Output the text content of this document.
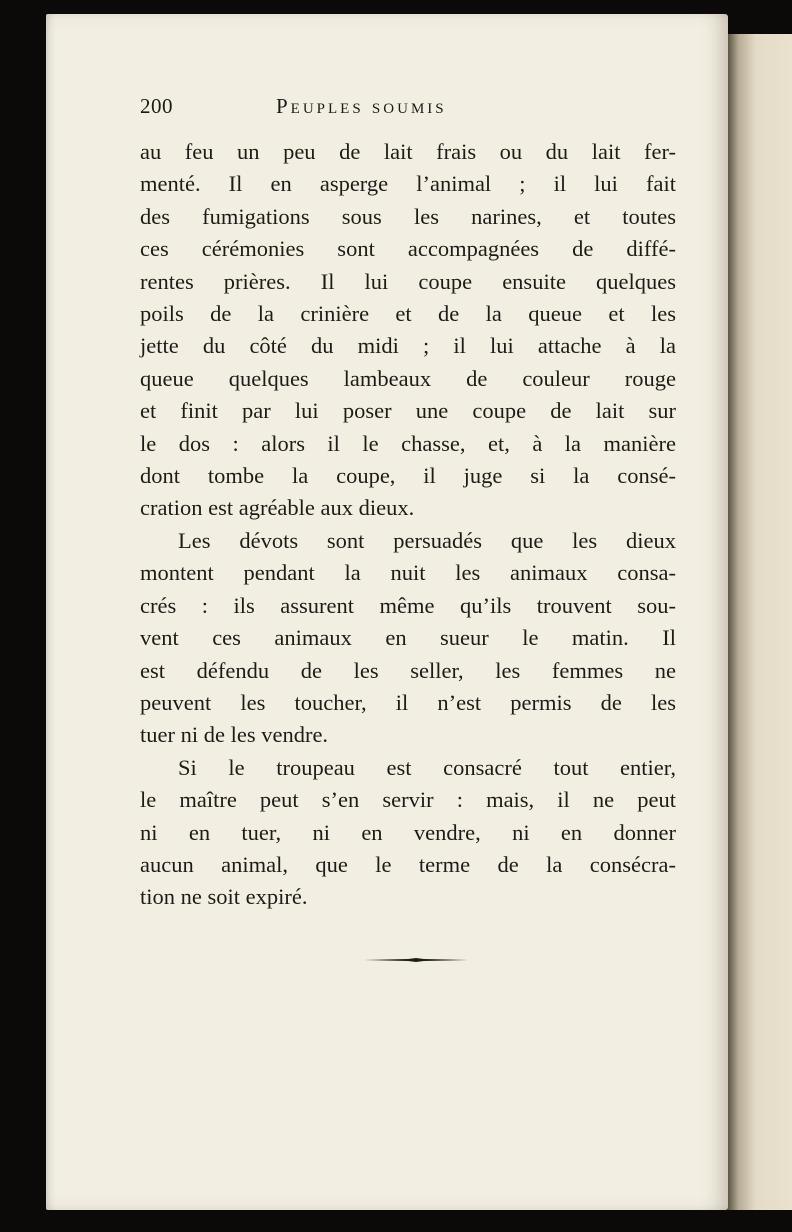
200	Peuples soumis

au feu un peu de lait frais ou du lait fer-
menté. Il en asperge l’animal ; il lui fait
des fumigations sous les narines, et toutes
ces cérémonies sont accompagnées de diffé-
rentes prières. Il lui coupe ensuite quelques
poils de la crinière et de la queue et les
jette du côté du midi ; il lui attache à la
queue quelques lambeaux de couleur rouge
et finit par lui poser une coupe de lait sur
le dos : alors il le chasse, et, à la manière
dont tombe la coupe, il juge si la consé-
cration est agréable aux dieux.

Les dévots sont persuadés que les dieux
montent pendant la nuit les animaux consa-
crés : ils assurent même qu’ils trouvent sou-
vent ces animaux en sueur le matin. Il
est défendu de les seller, les femmes ne
peuvent les toucher, il n’est permis de les
tuer ni de les vendre.

Si le troupeau est consacré tout entier,
le maître peut s’en servir : mais, il ne peut
ni en tuer, ni en vendre, ni en donner
aucun animal, que le terme de la consécra-
tion ne soit expiré.
